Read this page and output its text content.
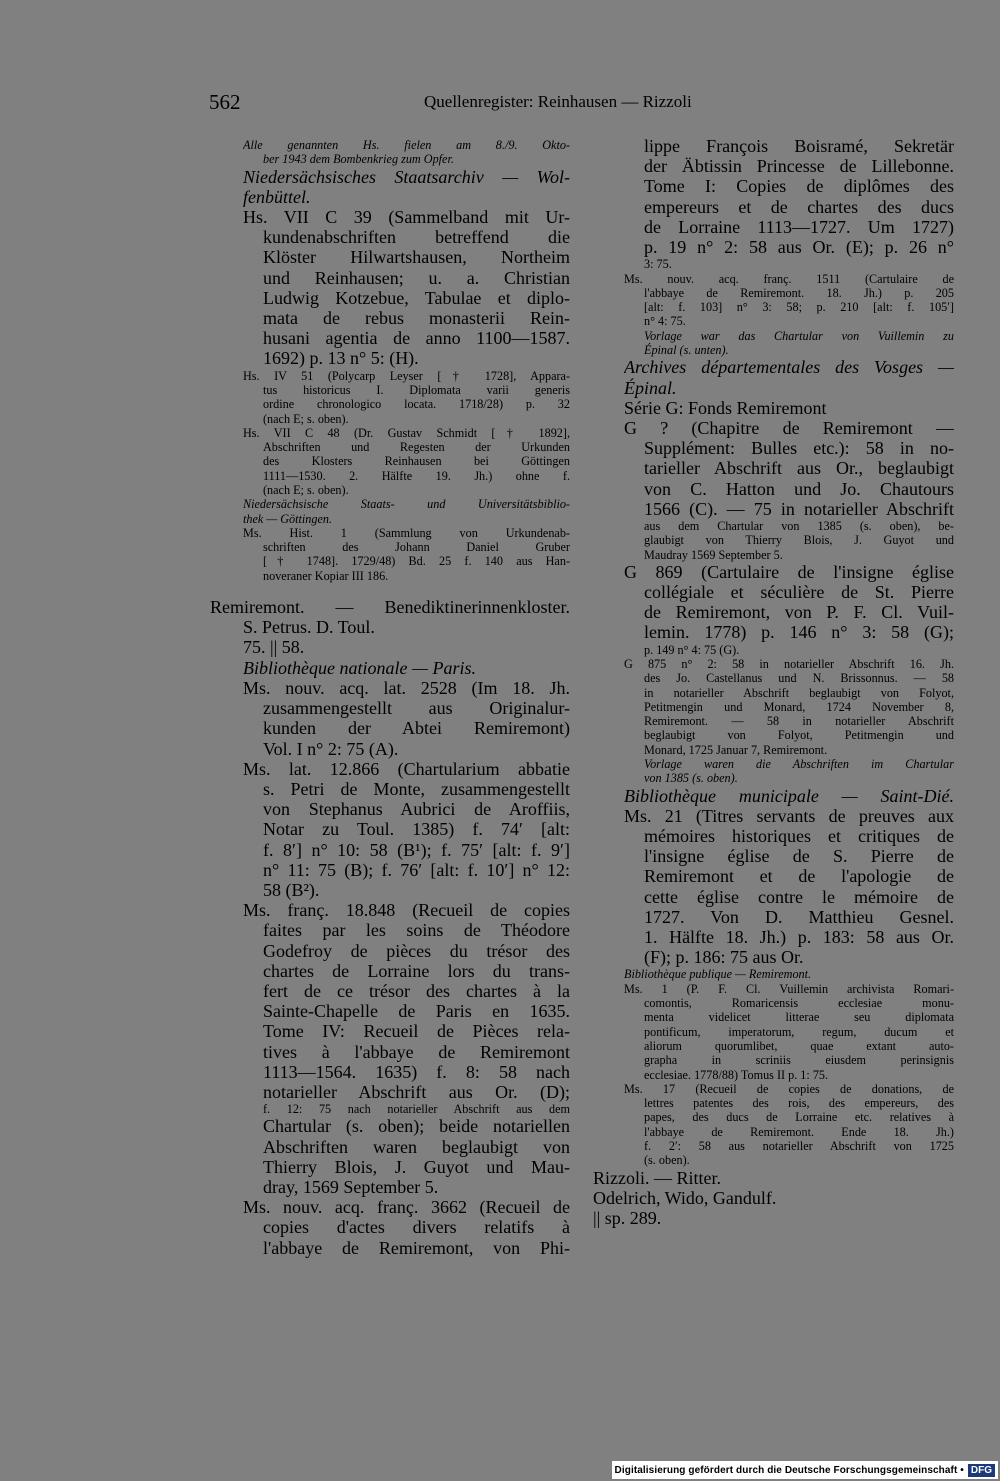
562	Quellenregister: Reinhausen — Rizzoli
Alle genannten Hs. fielen am 8./9. Okto-
ber 1943 dem Bombenkrieg zum Opfer.
Niedersächsisches Staatsarchiv — Wol-
fenbüttel.
Hs. VII C 39 (Sammelband mit Ur-
kundenabschriften betreffend die
Klöster Hilwartshausen, Northeim
und Reinhausen; u. a. Christian
Ludwig Kotzebue, Tabulae et diplo-
mata de rebus monasterii Rein-
husani agentia de anno 1100—1587.
1692) p. 13 n° 5: (H).
Hs. IV 51 (Polycarp Leyser [† 1728], Appara-
tus historicus I. Diplomata varii generis
ordine chronologico locata. 1718/28) p. 32
(nach E; s. oben).
Hs. VII C 48 (Dr. Gustav Schmidt [† 1892],
Abschriften und Regesten der Urkunden
des Klosters Reinhausen bei Göttingen
1111—1530. 2. Hälfte 19. Jh.) ohne f.
(nach E; s. oben).
Niedersächsische Staats- und Universitätsbiblio-
thek — Göttingen.
Ms. Hist. 1 (Sammlung von Urkundenab-
schriften des Johann Daniel Gruber
[† 1748]. 1729/48) Bd. 25 f. 140 aus Han-
noveraner Kopiar III 186.
Remiremont. — Benediktinerinnenkloster.
S. Petrus. D. Toul.
75. || 58.
Bibliothèque nationale — Paris.
Ms. nouv. acq. lat. 2528 (Im 18. Jh.
zusammengestellt aus Originalur-
kunden der Abtei Remiremont)
Vol. I n° 2: 75 (A).
Ms. lat. 12.866 (Chartularium abbatie
s. Petri de Monte, zusammengestellt
von Stephanus Aubrici de Aroffiis,
Notar zu Toul. 1385) f. 74′ [alt:
f. 8′] n° 10: 58 (B¹); f. 75′ [alt: f. 9′]
n° 11: 75 (B); f. 76′ [alt: f. 10′] n° 12:
58 (B²).
Ms. franç. 18.848 (Recueil de copies
faites par les soins de Théodore
Godefroy de pièces du trésor des
chartes de Lorraine lors du trans-
fert de ce trésor des chartes à la
Sainte-Chapelle de Paris en 1635.
Tome IV: Recueil de Pièces rela-
tives à l'abbaye de Remiremont
1113—1564. 1635) f. 8: 58 nach
notarieller Abschrift aus Or. (D);
f. 12: 75 nach notarieller Abschrift aus dem
Chartular (s. oben); beide notariellen
Abschriften waren beglaubigt von
Thierry Blois, J. Guyot und Mau-
dray, 1569 September 5.
Ms. nouv. acq. franç. 3662 (Recueil de
copies d'actes divers relatifs à
l'abbaye de Remiremont, von Phi-
lippe François Boisramé, Sekretär
der Äbtissin Princesse de Lillebonne.
Tome I: Copies de diplômes des
empereurs et de chartes des ducs
de Lorraine 1113—1727. Um 1727)
p. 19 n° 2: 58 aus Or. (E); p. 26 n°
3: 75.
Ms. nouv. acq. franç. 1511 (Cartulaire de
l'abbaye de Remiremont. 18. Jh.) p. 205
[alt: f. 103] n° 3: 58; p. 210 [alt: f. 105′]
n° 4: 75.
Vorlage war das Chartular von Vuillemin zu
Épinal (s. unten).
Archives départementales des Vosges —
Épinal.
Série G: Fonds Remiremont
G ? (Chapitre de Remiremont —
Supplément: Bulles etc.): 58 in no-
tarieller Abschrift aus Or., beglaubigt
von C. Hatton und Jo. Chautours
1566 (C). — 75 in notarieller Abschrift
aus dem Chartular von 1385 (s. oben), be-
glaubigt von Thierry Blois, J. Guyot und
Maudray 1569 September 5.
G 869 (Cartulaire de l'insigne église
collégiale et séculière de St. Pierre
de Remiremont, von P. F. Cl. Vuil-
lemin. 1778) p. 146 n° 3: 58 (G);
p. 149 n° 4: 75 (G).
G 875 n° 2: 58 in notarieller Abschrift 16. Jh.
des Jo. Castellanus und N. Brissonnus. — 58
in notarieller Abschrift beglaubigt von Folyot,
Petitmengin und Monard, 1724 November 8,
Remiremont. — 58 in notarieller Abschrift
beglaubigt von Folyot, Petitmengin und
Monard, 1725 Januar 7, Remiremont.
Vorlage waren die Abschriften im Chartular
von 1385 (s. oben).
Bibliothèque municipale — Saint-Dié.
Ms. 21 (Titres servants de preuves aux
mémoires historiques et critiques de
l'insigne église de S. Pierre de
Remiremont et de l'apologie de
cette église contre le mémoire de
1727. Von D. Matthieu Gesnel.
1. Hälfte 18. Jh.) p. 183: 58 aus Or.
(F); p. 186: 75 aus Or.
Bibliothèque publique — Remiremont.
Ms. 1 (P. F. Cl. Vuillemin archivista Romari-
comontis, Romaricensis ecclesiae monu-
menta videlicet litterae seu diplomata
pontificum, imperatorum, regum, ducum et
aliorum quorumlibet, quae extant auto-
grapha in scriniis eiusdem perinsignis
ecclesiae. 1778/88) Tomus II p. 1: 75.
Ms. 17 (Recueil de copies de donations, de
lettres patentes des rois, des empereurs, des
papes, des ducs de Lorraine etc. relatives à
l'abbaye de Remiremont. Ende 18. Jh.)
f. 2′: 58 aus notarieller Abschrift von 1725
(s. oben).
Rizzoli. — Ritter.
Odelrich, Wido, Gandulf.
|| sp. 289.
Digitalisierung gefördert durch die Deutsche Forschungsgemeinschaft • DFG
